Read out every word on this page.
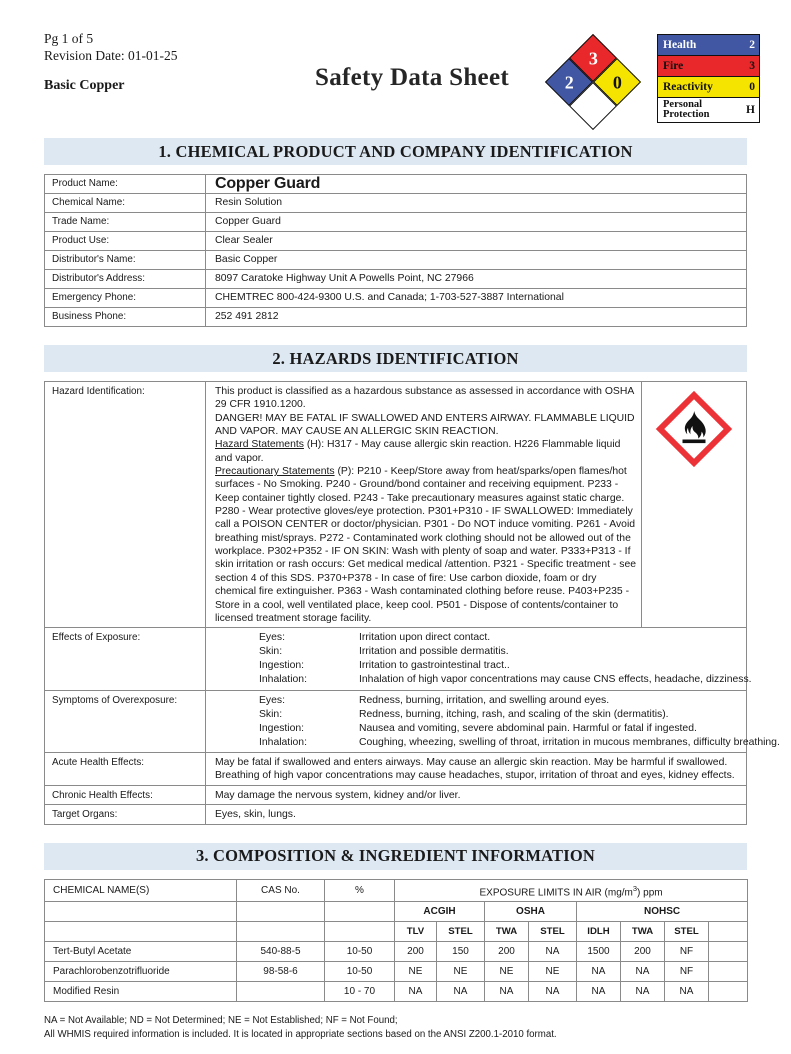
Pg 1 of 5
Revision Date: 01-01-25
Basic Copper	Safety Data Sheet
3
0
2
Health	2
Fire	3
Reactivity	0
Personal
Protection	H
1. CHEMICAL PRODUCT AND COMPANY IDENTIFICATION
Product Name:	Copper Guard
Chemical Name:	Resin Solution
Trade Name:	Copper Guard
Product Use:	Clear Sealer
Distributor's Name:	Basic Copper
Distributor's Address:	8097 Caratoke Highway Unit A Powells Point, NC 27966
Emergency Phone:	CHEMTREC 800-424-9300 U.S. and Canada; 1-703-527-3887 International
Business Phone:	252 491 2812
2. HAZARDS IDENTIFICATION
Hazard Identification:	This product is classified as a hazardous substance as assessed in accordance with OSHA 29 CFR 1910.1200.
DANGER! MAY BE FATAL IF SWALLOWED AND ENTERS AIRWAY. FLAMMABLE LIQUID AND VAPOR. MAY CAUSE AN ALLERGIC SKIN REACTION.
Hazard Statements (H): H317 - May cause allergic skin reaction. H226 Flammable liquid and vapor.
Precautionary Statements (P): P210 - Keep/Store away from heat/sparks/open flames/hot surfaces - No Smoking. P240 - Ground/bond container and receiving equipment. P233 - Keep container tightly closed. P243 - Take precautionary measures against static charge. P280 - Wear protective gloves/eye protection. P301+P310 - IF SWALLOWED: Immediately call a POISON CENTER or doctor/physician. P301 - Do NOT induce vomiting. P261 - Avoid breathing mist/sprays. P272 - Contaminated work clothing should not be allowed out of the workplace. P302+P352 - IF ON SKIN: Wash with plenty of soap and water. P333+P313 - If skin irritation or rash occurs: Get medical medical /attention. P321 - Specific treatment - see section 4 of this SDS. P370+P378 - In case of fire: Use carbon dioxide, foam or dry chemical fire extinguisher. P363 - Wash contaminated clothing before reuse. P403+P235 - Store in a cool, well ventilated place, keep cool. P501 - Dispose of contents/container to licensed treatment storage facility.

Effects of Exposure:		Eyes:	Irritation upon direct contact.
Skin:	Irritation and possible dermatitis.
Ingestion:	Irritation to gastrointestinal tract..
Inhalation:	Inhalation of high vapor concentrations may cause CNS effects, headache, dizziness.

Symptoms of Overexposure:		Eyes:	Redness, burning, irritation, and swelling around eyes.
Skin:	Redness, burning, itching, rash, and scaling of the skin (dermatitis).
Ingestion:	Nausea and vomiting, severe abdominal pain. Harmful or fatal if ingested.
Inhalation:	Coughing, wheezing, swelling of throat, irritation in mucous membranes, difficulty breathing.

Acute Health Effects:	May be fatal if swallowed and enters airways. May cause an allergic skin reaction. May be harmful if swallowed. Breathing of high vapor concentrations may cause headaches, stupor, irritation of throat and eyes, kidney effects.
Chronic Health Effects:	May damage the nervous system, kidney and/or liver.
Target Organs:	Eyes, skin, lungs.
3. COMPOSITION & INGREDIENT INFORMATION
CHEMICAL NAME(S)	CAS No.	%	EXPOSURE LIMITS IN AIR $(mg/m^3)$ ppm							
			ACGIH		OSHA		NOHSC			
			TLV	STEL	TWA	STEL	IDLH	TWA	STEL	
Tert-Butyl Acetate	540-88-5	10-50	200	150	200	NA	1500	200	NF	
Parachlorobenzotrifluoride	98-58-6	10-50	NE	NE	NE	NE	NA	NA	NF	
Modified Resin		10 - 70	NA	NA	NA	NA	NA	NA	NA	
NA = Not Available; ND = Not Determined; NE = Not Established; NF = Not Found;
All WHMIS required information is included. It is located in appropriate sections based on the ANSI Z200.1-2010 format.
